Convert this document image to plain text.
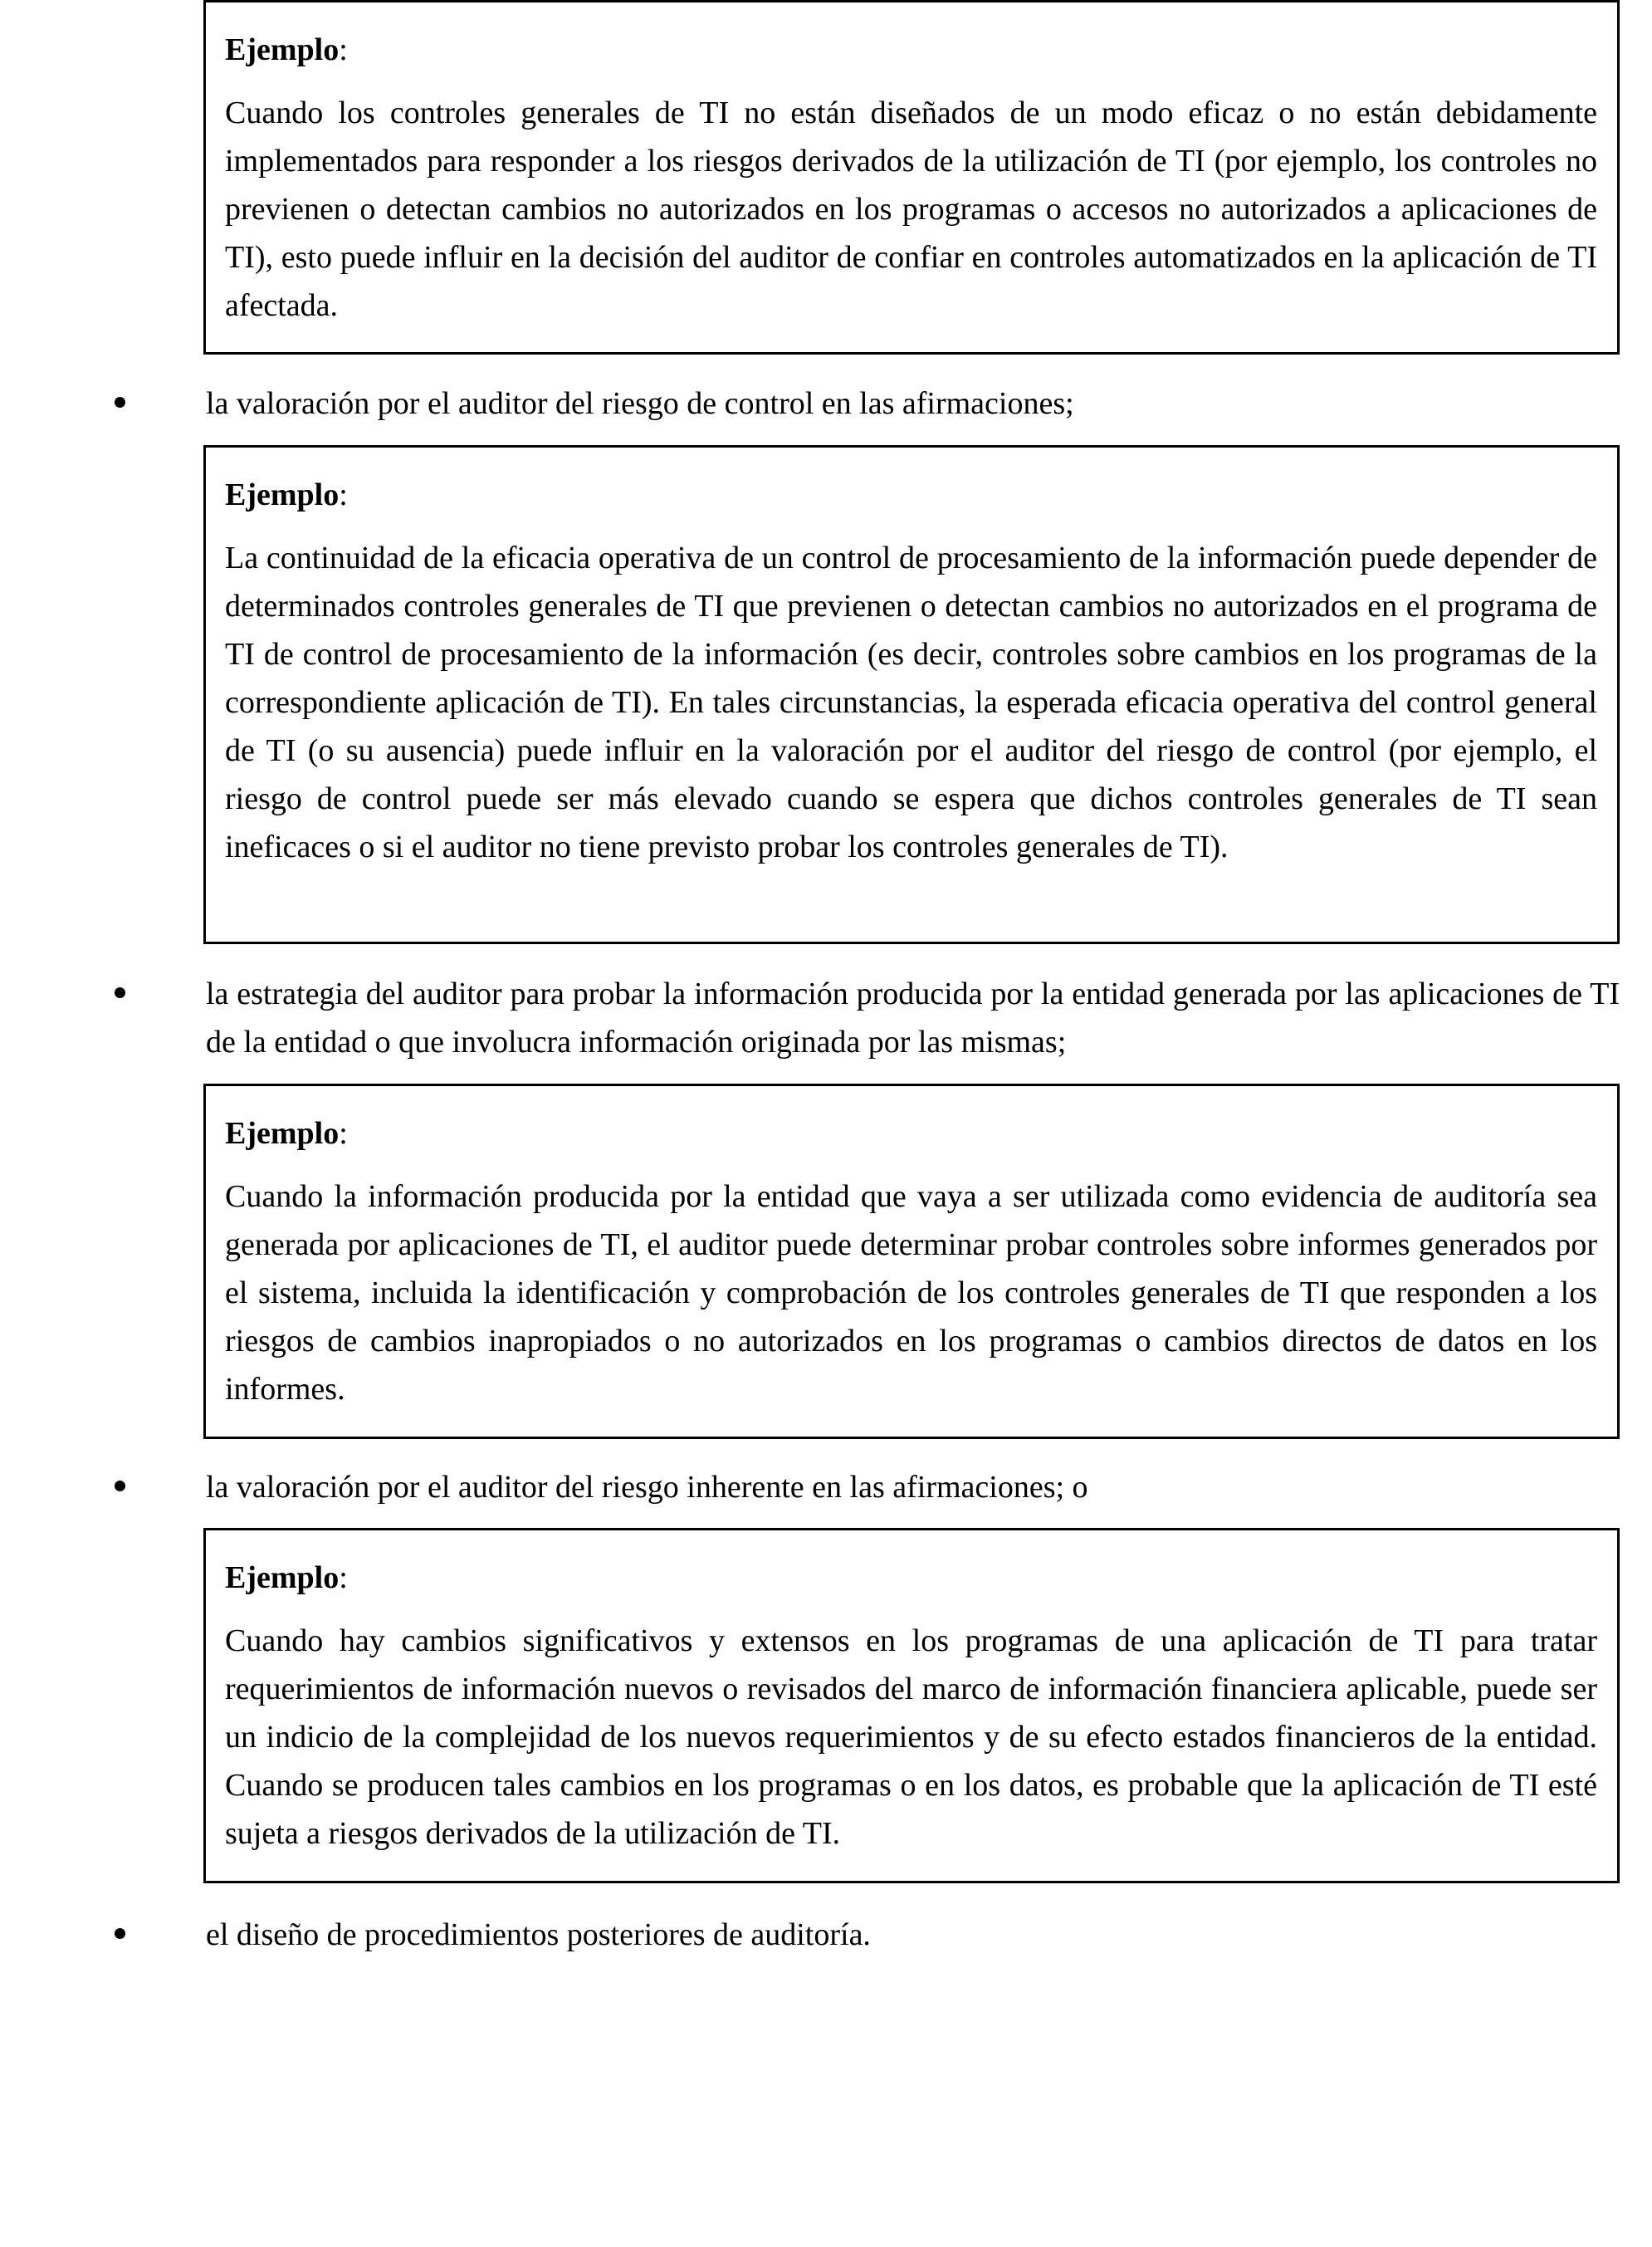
Ejemplo:

Cuando los controles generales de TI no están diseñados de un modo eficaz o no están debidamente implementados para responder a los riesgos derivados de la utilización de TI (por ejemplo, los controles no previenen o detectan cambios no autorizados en los programas o accesos no autorizados a aplicaciones de TI), esto puede influir en la decisión del auditor de confiar en controles automatizados en la aplicación de TI afectada.

la valoración por el auditor del riesgo de control en las afirmaciones;

Ejemplo:

La continuidad de la eficacia operativa de un control de procesamiento de la información puede depender de determinados controles generales de TI que previenen o detectan cambios no autorizados en el programa de TI de control de procesamiento de la información (es decir, controles sobre cambios en los programas de la correspondiente aplicación de TI). En tales circunstancias, la esperada eficacia operativa del control general de TI (o su ausencia) puede influir en la valoración por el auditor del riesgo de control (por ejemplo, el riesgo de control puede ser más elevado cuando se espera que dichos controles generales de TI sean ineficaces o si el auditor no tiene previsto probar los controles generales de TI).

la estrategia del auditor para probar la información producida por la entidad generada por las aplicaciones de TI de la entidad o que involucra información originada por las mismas;

Ejemplo:

Cuando la información producida por la entidad que vaya a ser utilizada como evidencia de auditoría sea generada por aplicaciones de TI, el auditor puede determinar probar controles sobre informes generados por el sistema, incluida la identificación y comprobación de los controles generales de TI que responden a los riesgos de cambios inapropiados o no autorizados en los programas o cambios directos de datos en los informes.

la valoración por el auditor del riesgo inherente en las afirmaciones; o

Ejemplo:

Cuando hay cambios significativos y extensos en los programas de una aplicación de TI para tratar requerimientos de información nuevos o revisados del marco de información financiera aplicable, puede ser un indicio de la complejidad de los nuevos requerimientos y de su efecto estados financieros de la entidad. Cuando se producen tales cambios en los programas o en los datos, es probable que la aplicación de TI esté sujeta a riesgos derivados de la utilización de TI.

el diseño de procedimientos posteriores de auditoría.
